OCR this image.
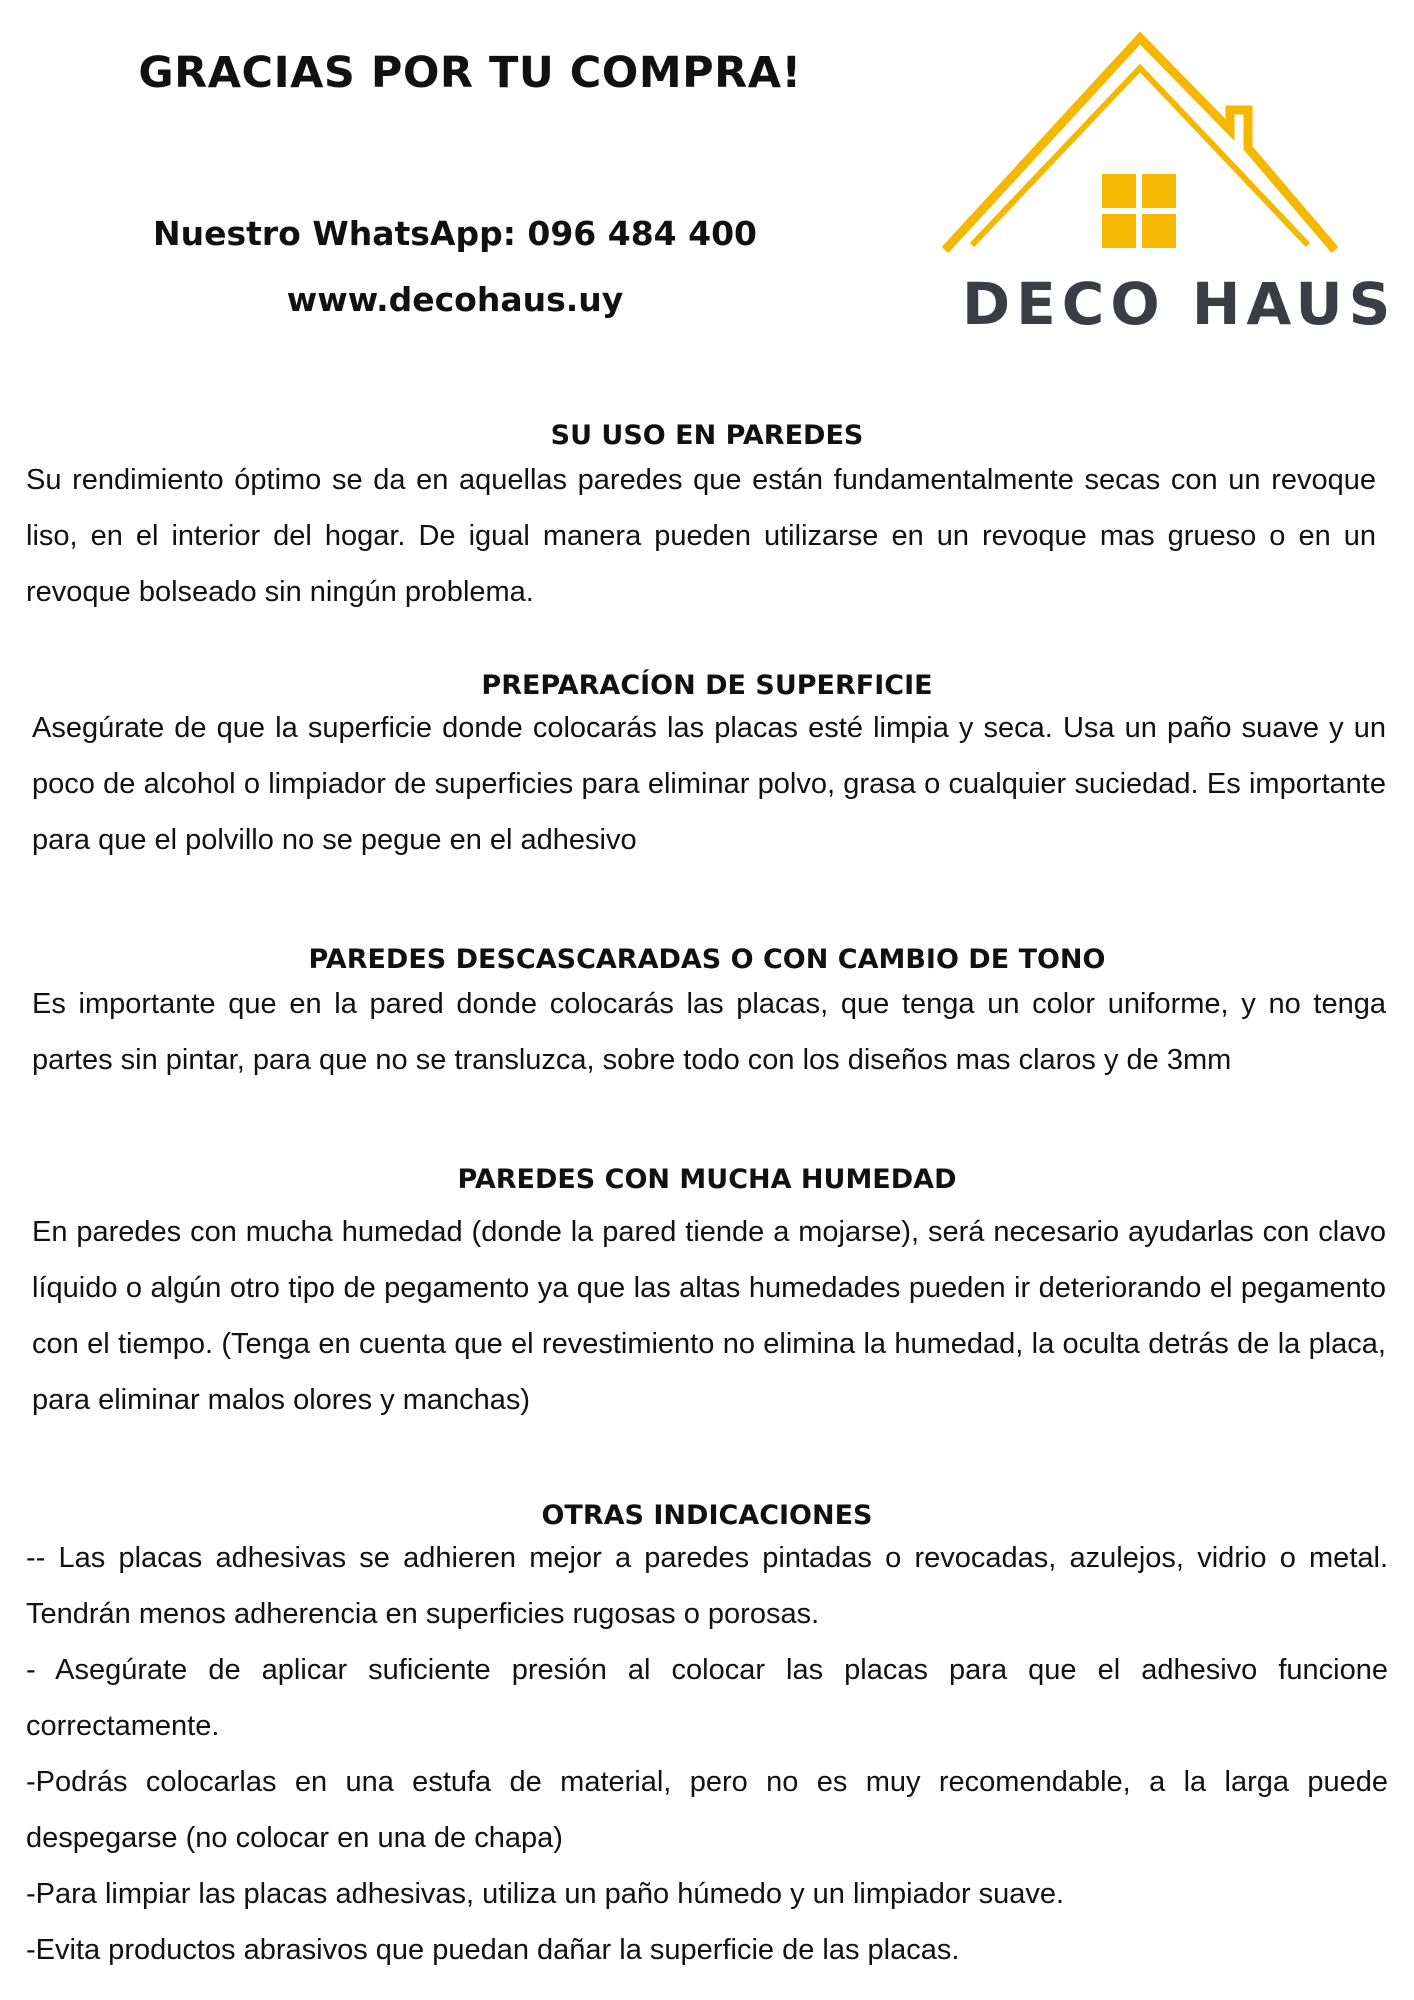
GRACIAS POR TU COMPRA!

Nuestro WhatsApp: 096 484 400

www.decohaus.uy	DECO HAUS
SU USO EN PAREDES

Su rendimiento óptimo se da en aquellas paredes que están fundamentalmente secas con un revoque liso, en el interior del hogar. De igual manera pueden utilizarse en un revoque mas grueso o en un revoque bolseado sin ningún problema.

PREPARACÍON DE SUPERFICIE

Asegúrate de que la superficie donde colocarás las placas esté limpia y seca. Usa un paño suave y un poco de alcohol o limpiador de superficies para eliminar polvo, grasa o cualquier suciedad. Es importante para que el polvillo no se pegue en el adhesivo

PAREDES DESCASCARADAS O CON CAMBIO DE TONO

Es importante que en la pared donde colocarás las placas, que tenga un color uniforme, y no tenga partes sin pintar, para que no se transluzca, sobre todo con los diseños mas claros y de 3mm

PAREDES CON MUCHA HUMEDAD

En paredes con mucha humedad (donde la pared tiende a mojarse), será necesario ayudarlas con clavo líquido o algún otro tipo de pegamento ya que las altas humedades pueden ir deteriorando el pegamento con el tiempo. (Tenga en cuenta que el revestimiento no elimina la humedad, la oculta detrás de la placa, para eliminar malos olores y manchas)

OTRAS INDICACIONES
-- Las placas adhesivas se adhieren mejor a paredes pintadas o revocadas, azulejos, vidrio o metal. Tendrán menos adherencia en superficies rugosas o porosas.
- Asegúrate de aplicar suficiente presión al colocar las placas para que el adhesivo funcione correctamente.
-Podrás colocarlas en una estufa de material, pero no es muy recomendable, a la larga puede despegarse (no colocar en una de chapa)
-Para limpiar las placas adhesivas, utiliza un paño húmedo y un limpiador suave.
-Evita productos abrasivos que puedan dañar la superficie de las placas.
